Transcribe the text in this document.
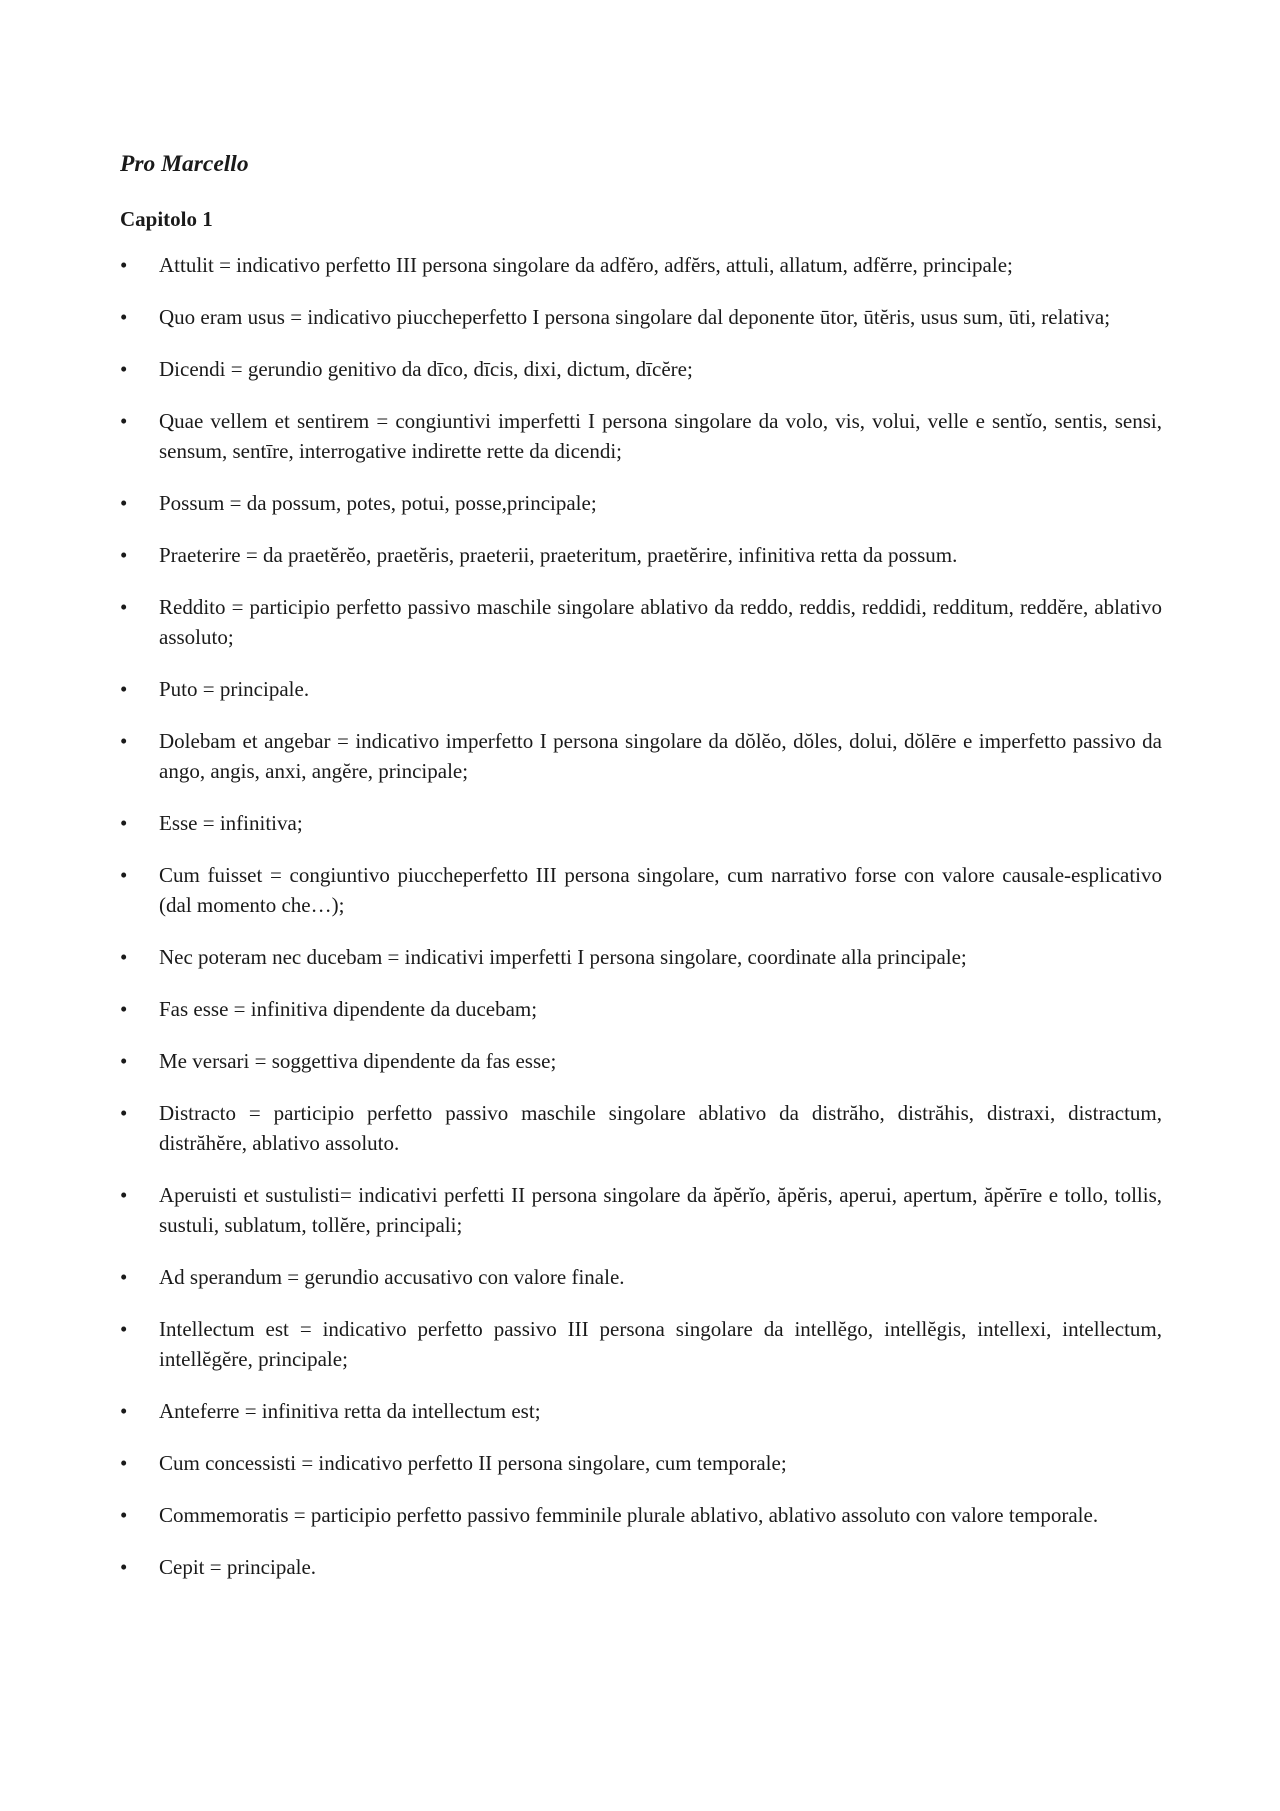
Pro Marcello
Capitolo 1
•	Attulit = indicativo perfetto III persona singolare da adfĕro, adfĕrs, attuli, allatum, adfĕrre, principale;
•	Quo eram usus = indicativo piuccheperfetto I persona singolare dal deponente ūtor, ūtĕris, usus sum, ūti, relativa;
•	Dicendi = gerundio genitivo da dīco, dīcis, dixi, dictum, dīcĕre;
•	Quae vellem et sentirem = congiuntivi imperfetti I persona singolare da volo, vis, volui, velle e sentĭo, sentis, sensi, sensum, sentīre, interrogative indirette rette da dicendi;
•	Possum = da possum, potes, potui, posse,principale;
•	Praeterire = da praetĕrĕo, praetĕris, praeterii, praeteritum, praetĕrire, infinitiva retta da possum.
•	Reddito = participio perfetto passivo maschile singolare ablativo da reddo, reddis, reddidi, redditum, reddĕre, ablativo assoluto;
•	Puto = principale.
•	Dolebam et angebar = indicativo imperfetto I persona singolare da dŏlĕo, dŏles, dolui, dŏlēre e imperfetto passivo da ango, angis, anxi, angĕre, principale;
•	Esse = infinitiva;
•	Cum fuisset = congiuntivo piuccheperfetto III persona singolare, cum narrativo forse con valore causale-esplicativo (dal momento che…);
•	Nec poteram nec ducebam = indicativi imperfetti I persona singolare, coordinate alla principale;
•	Fas esse = infinitiva dipendente da ducebam;
•	Me versari = soggettiva dipendente da fas esse;
•	Distracto = participio perfetto passivo maschile singolare ablativo da distrăho, distrăhis, distraxi, distractum, distrăhĕre, ablativo assoluto.
•	Aperuisti et sustulisti= indicativi perfetti II persona singolare da ăpĕrĭo, ăpĕris, aperui, apertum, ăpĕrīre e tollo, tollis, sustuli, sublatum, tollĕre, principali;
•	Ad sperandum = gerundio accusativo con valore finale.
•	Intellectum est = indicativo perfetto passivo III persona singolare da intellĕgo, intellĕgis, intellexi, intellectum, intellĕgĕre, principale;
•	Anteferre = infinitiva retta da intellectum est;
•	Cum concessisti = indicativo perfetto II persona singolare, cum temporale;
•	Commemoratis = participio perfetto passivo femminile plurale ablativo, ablativo assoluto con valore temporale.
•	Cepit = principale.
